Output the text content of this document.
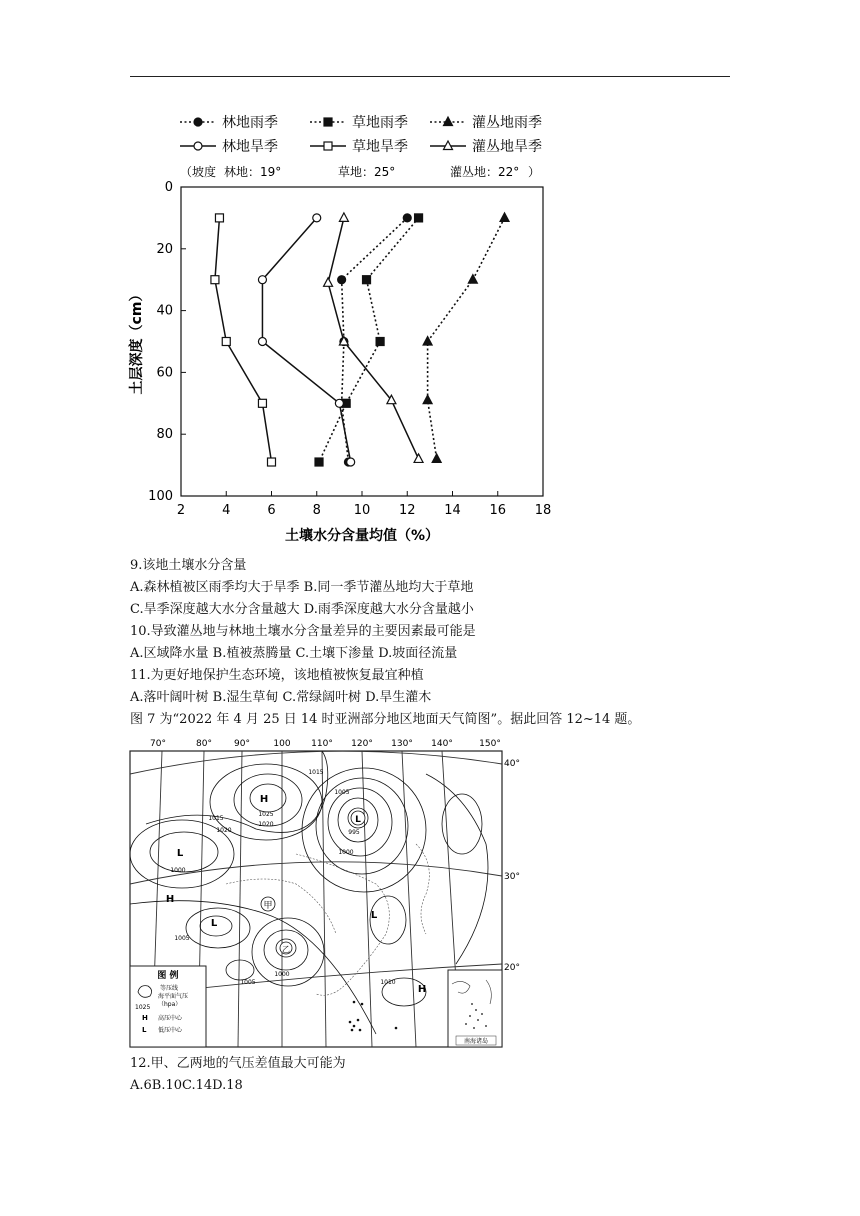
林地雨季	草地雨季	灌丛地雨季
林地旱季	草地旱季	灌丛地旱季
（坡度 林地：19°	草地：25°	灌丛地：22° ）
2	4	6	8	10 12 14 16 18
0
20
40
60
80
100
土壤水分含量均值（%）
土层深度（cm）
9.该地土壤水分含量
A.森林植被区雨季均大于旱季 B.同一季节灌丛地均大于草地
C.旱季深度越大水分含量越大 D.雨季深度越大水分含量越小
10.导致灌丛地与林地土壤水分含量差异的主要因素最可能是
A.区域降水量 B.植被蒸腾量 C.土壤下渗量 D.坡面径流量
11.为更好地保护生态环境，该地植被恢复最宜种植
A.落叶阔叶树 B.湿生草甸 C.常绿阔叶树 D.旱生灌木
图 7 为“2022 年 4 月 25 日 14 时亚洲部分地区地面天气简图”。据此回答 12~14 题。
70°	80° 90°	100 110° 120° 130° 140°	150°
40°
30°
20°
1015
1025
1020
1015
1020
1000
1005
1000
995
1005
1010
1005
1000
H
L
L
H
L
L
H
甲
乙
图 例
1025
等压线
海平面气压
（hpa）
H 高压中心
L 低压中心
南海诸岛
12.甲、乙两地的气压差值最大可能为
A.6B.10C.14D.18
